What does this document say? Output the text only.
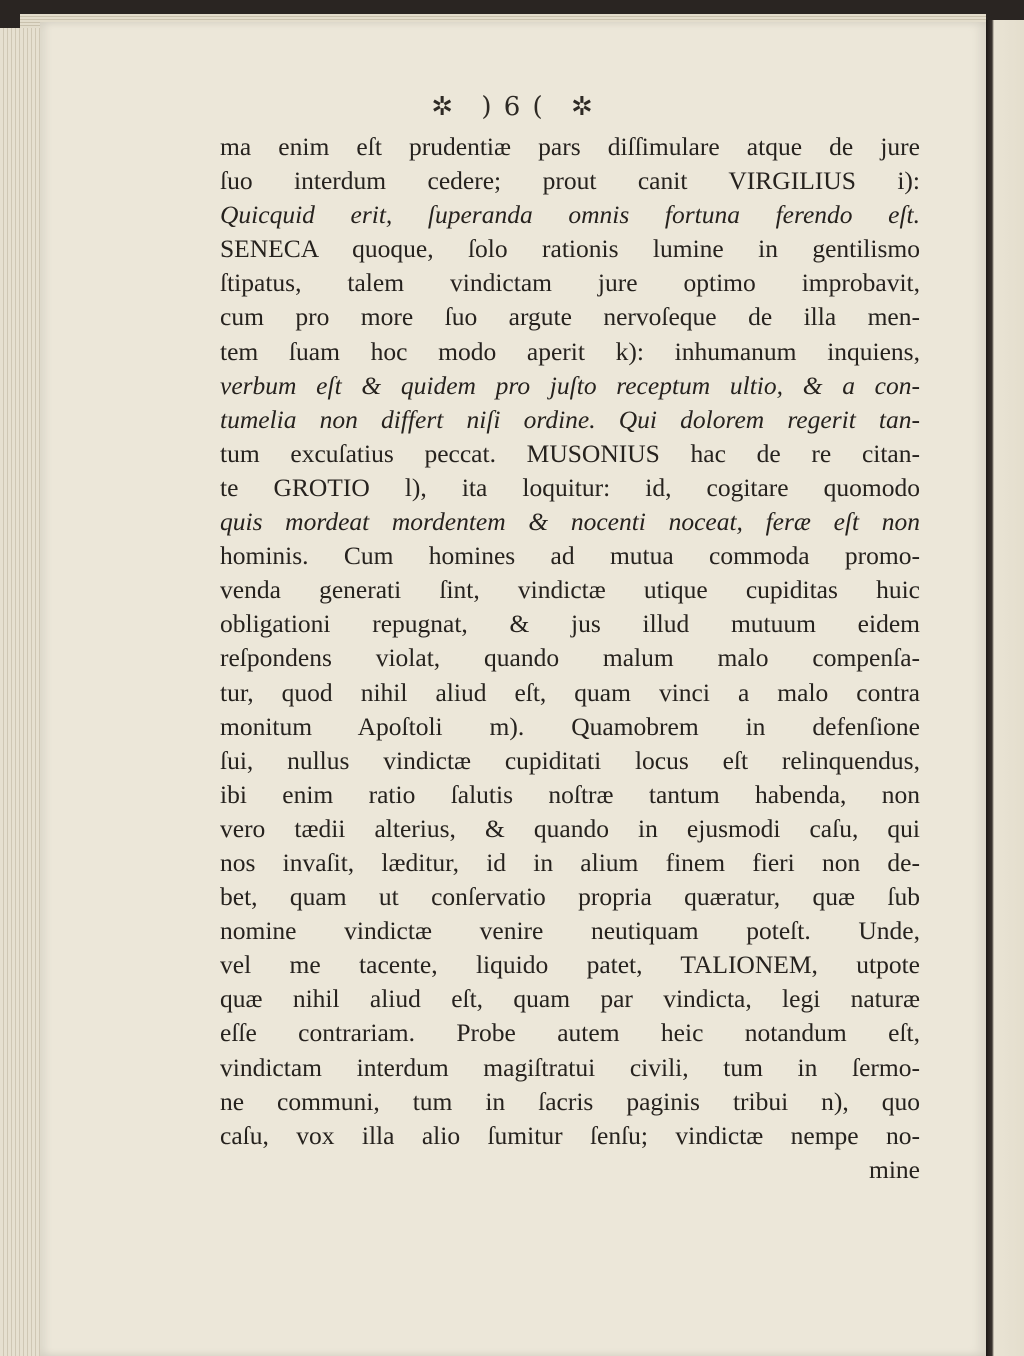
✲ ) 6 ( ✲
ma enim eſt prudentiæ pars diſſimulare atque de jure
ſuo interdum cedere; prout canit VIRGILIUS i):
Quicquid erit, ſuperanda omnis fortuna ferendo eſt.
SENECA quoque, ſolo rationis lumine in gentilismo
ſtipatus, talem vindictam jure optimo improbavit,
cum pro more ſuo argute nervoſeque de illa men-
tem ſuam hoc modo aperit k): inhumanum inquiens,
verbum eſt & quidem pro juſto receptum ultio, & a con-
tumelia non differt niſi ordine. Qui dolorem regerit tan-
tum excuſatius peccat. MUSONIUS hac de re citan-
te GROTIO l), ita loquitur: id, cogitare quomodo
quis mordeat mordentem & nocenti noceat, feræ eſt non
hominis. Cum homines ad mutua commoda promo-
venda generati ſint, vindictæ utique cupiditas huic
obligationi repugnat, & jus illud mutuum eidem
reſpondens violat, quando malum malo compenſa-
tur, quod nihil aliud eſt, quam vinci a malo contra
monitum Apoſtoli m). Quamobrem in defenſione
ſui, nullus vindictæ cupiditati locus eſt relinquendus,
ibi enim ratio ſalutis noſtræ tantum habenda, non
vero tædii alterius, & quando in ejusmodi caſu, qui
nos invaſit, læditur, id in alium finem fieri non de-
bet, quam ut conſervatio propria quæratur, quæ ſub
nomine vindictæ venire neutiquam poteſt. Unde,
vel me tacente, liquido patet, TALIONEM, utpote
quæ nihil aliud eſt, quam par vindicta, legi naturæ
eſſe contrariam. Probe autem heic notandum eſt,
vindictam interdum magiſtratui civili, tum in ſermo-
ne communi, tum in ſacris paginis tribui n), quo
caſu, vox illa alio ſumitur ſenſu; vindictæ nempe no-
mine
